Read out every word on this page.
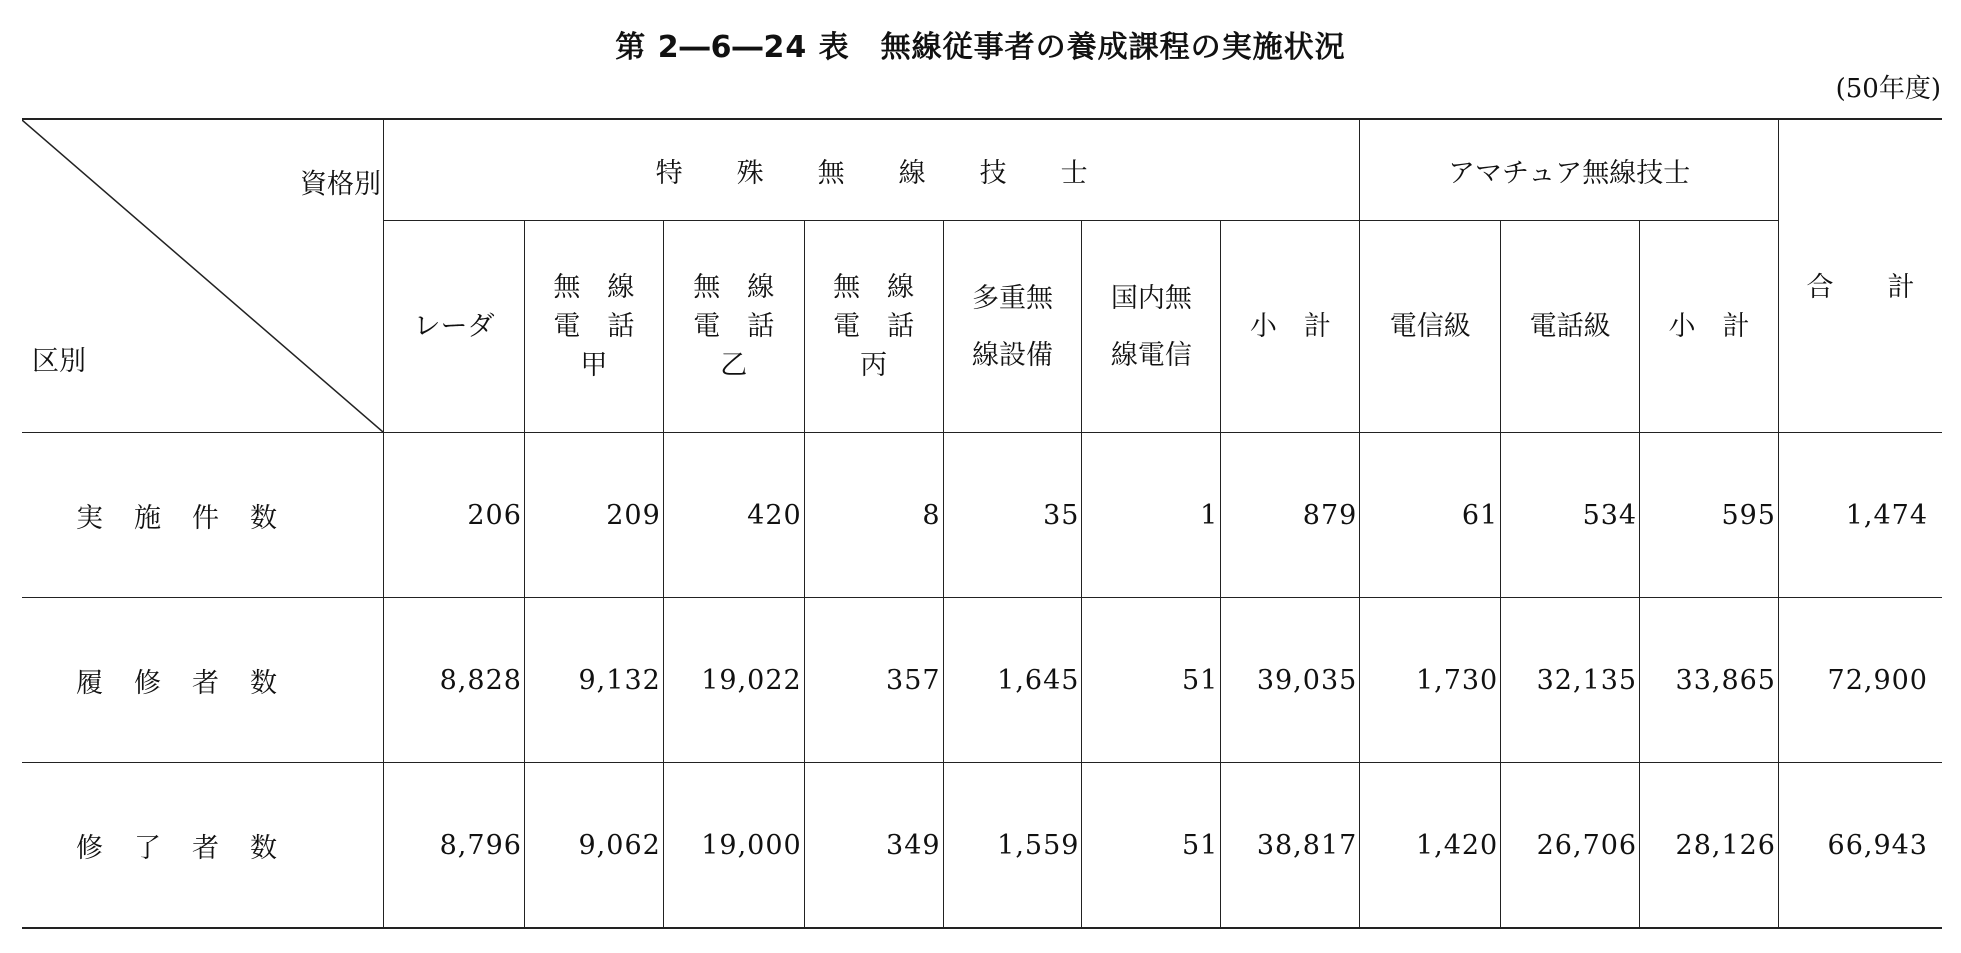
第 2―6―24 表　無線従事者の養成課程の実施状況
(50年度)
資格別
区別	特　　殊　　無　　線　　技　　士							アマチュア無線技士			合　　計

	レーダ	無　線
電　話
甲	無　線
電　話
乙	無　線
電　話
丙	多重無
線設備	国内無
線電信	小　計	電信級	電話級	小　計	

実　施　件　数	206	209	420	8	35	1	879	61	534	595	1,474
履　修　者　数	8,828	9,132	19,022	357	1,645	51	39,035	1,730	32,135	33,865	72,900
修　了　者　数	8,796	9,062	19,000	349	1,559	51	38,817	1,420	26,706	28,126	66,943
